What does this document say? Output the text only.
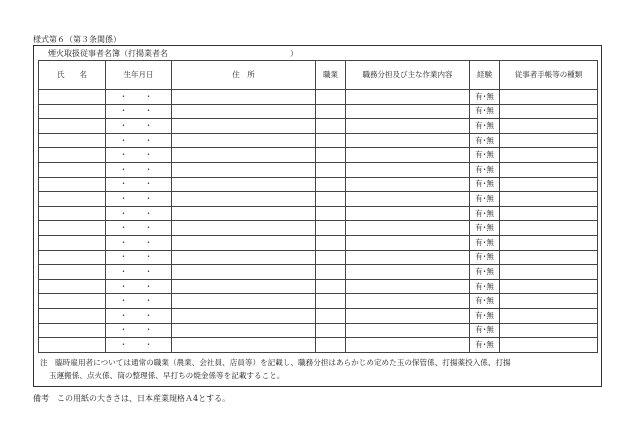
様式第６（第３条関係）
煙火取扱従事者名簿（打揚業者名	）
氏　　名	生年月日	住　所	職業	職務分担及び主な作業内容	経験	従事者手帳等の種類
	・　・				有･無	
	・　・				有･無	
	・　・				有･無	
	・　・				有･無	
	・　・				有･無	
	・　・				有･無	
	・　・				有･無	
	・　・				有･無	
	・　・				有･無	
	・　・				有･無	
	・　・				有･無	
	・　・				有･無	
	・　・				有･無	
	・　・				有･無	
	・　・				有･無	
	・　・				有･無	
	・　・				有･無	
	・　・				有･無	
注　臨時雇用者については通常の職業（農業、会社員、店員等）を記載し、職務分担はあらかじめ定めた玉の保管係、打揚薬投入係、打揚
玉運搬係、点火係、筒の整理係、早打ちの焼金係等を記載すること。
備考　この用紙の大きさは、日本産業規格Ａ4とする。
